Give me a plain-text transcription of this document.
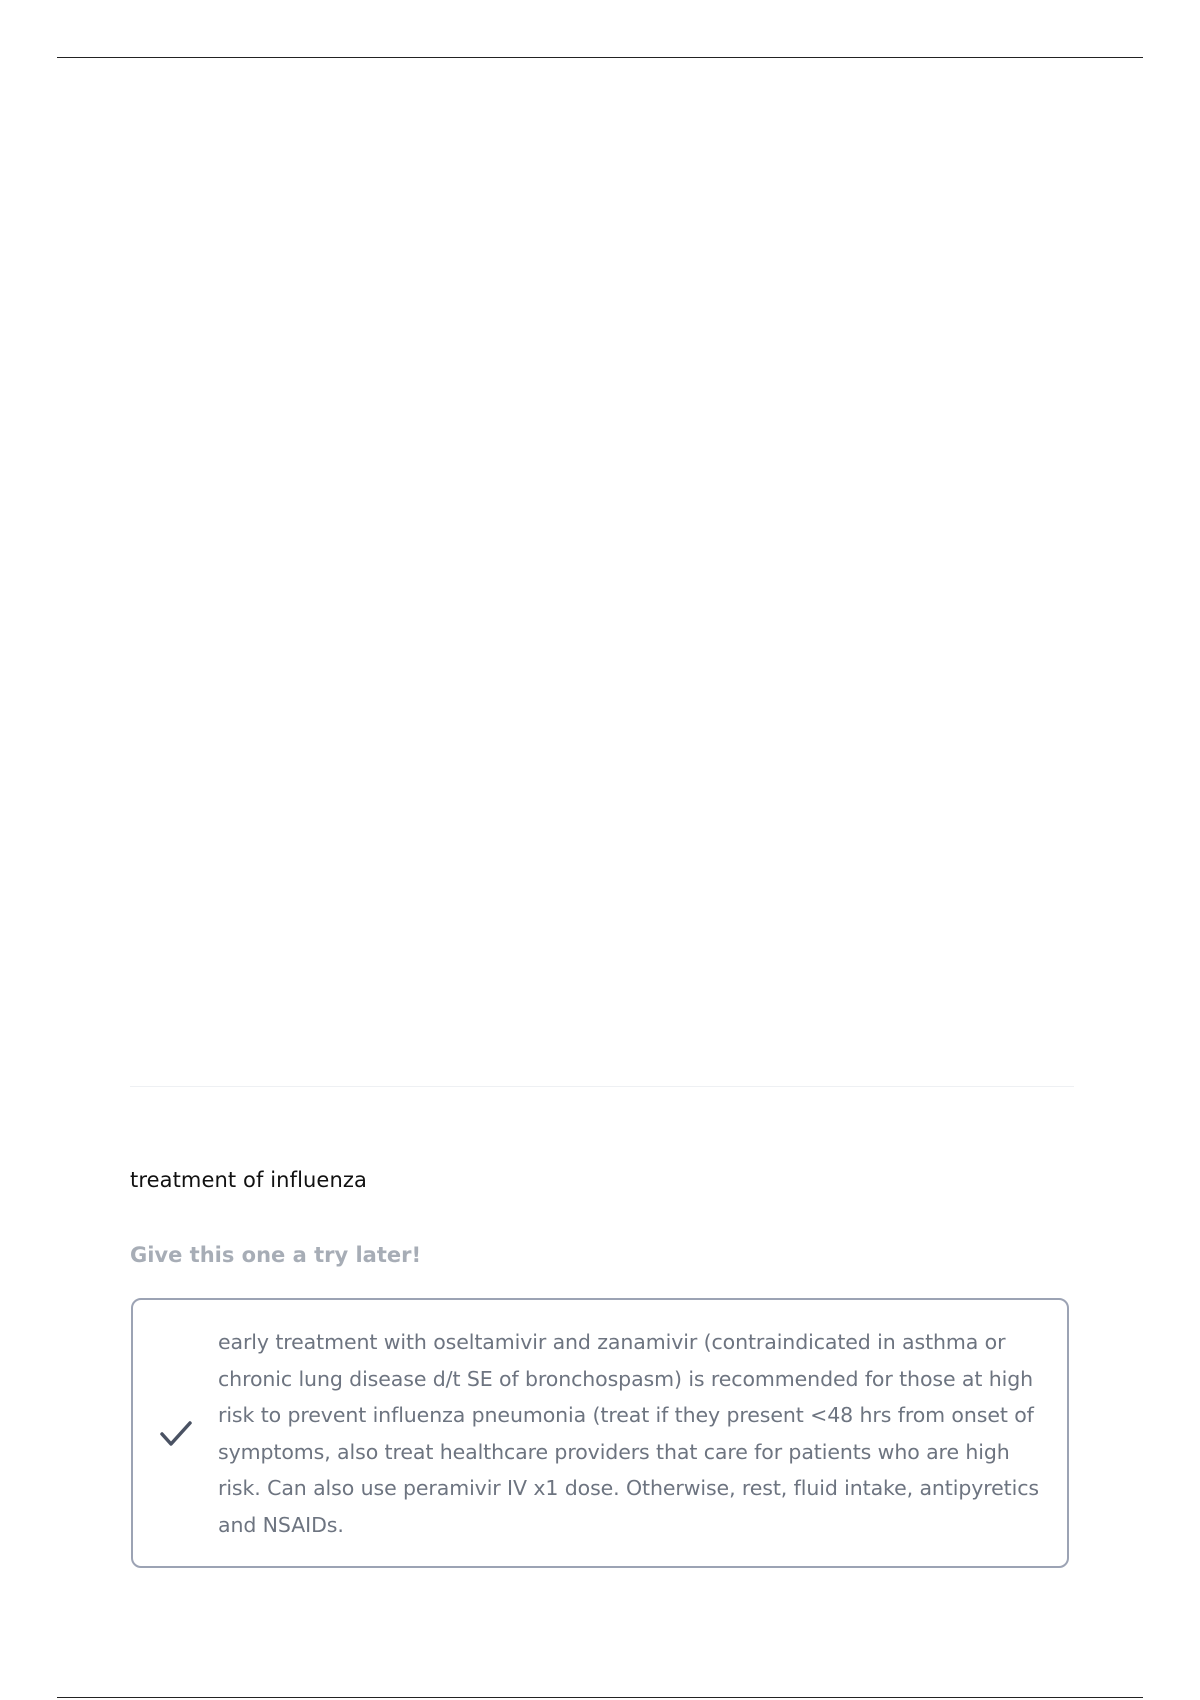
treatment of influenza
Give this one a try later!
early treatment with oseltamivir and zanamivir (contraindicated in asthma or chronic lung disease d/t SE of bronchospasm) is recommended for those at high risk to prevent influenza pneumonia (treat if they present <48 hrs from onset of symptoms, also treat healthcare providers that care for patients who are high risk. Can also use peramivir IV x1 dose. Otherwise, rest, fluid intake, antipyretics and NSAIDs.
